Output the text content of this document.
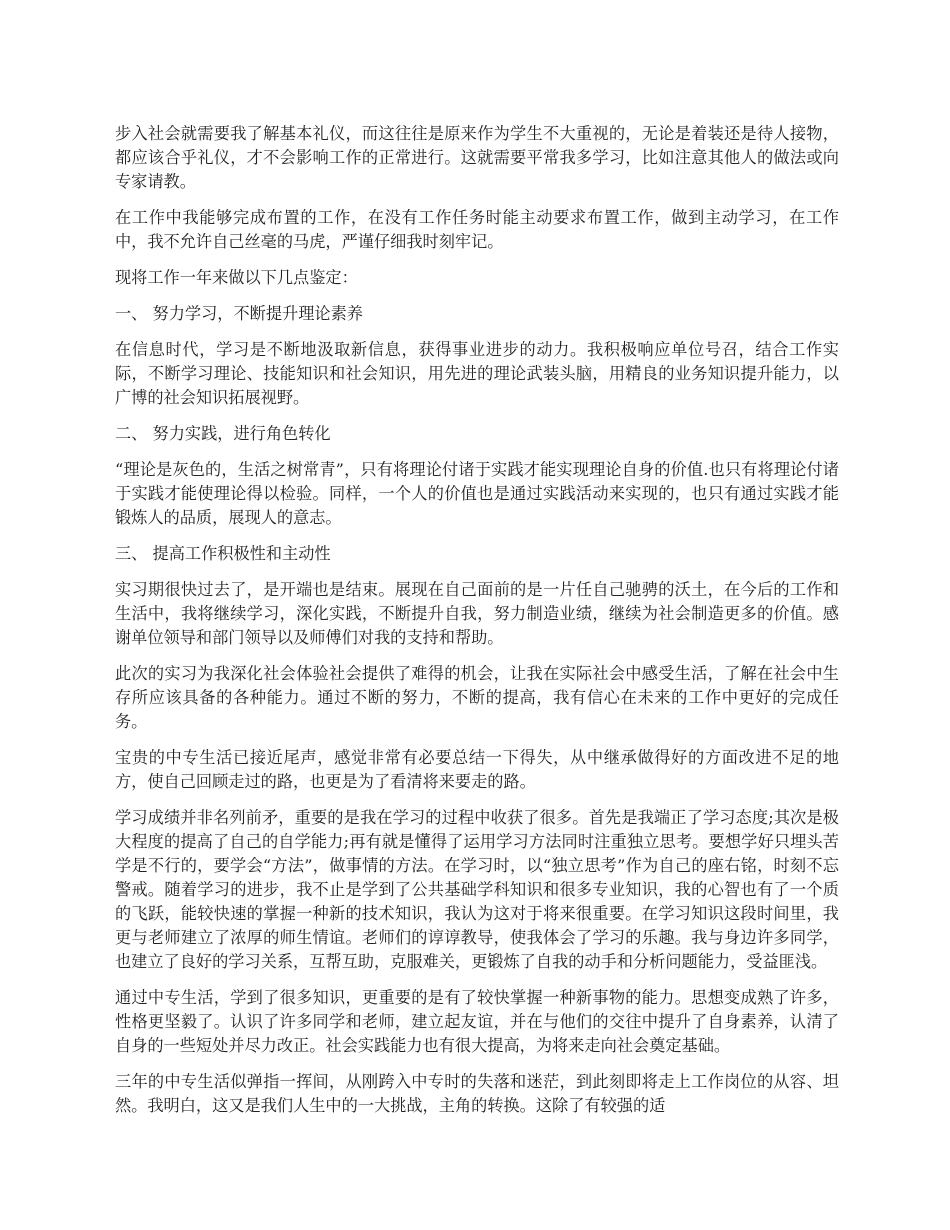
步入社会就需要我了解基本礼仪，而这往往是原来作为学生不大重视的，无论是着装还是待人接物，都应该合乎礼仪，才不会影响工作的正常进行。这就需要平常我多学习，比如注意其他人的做法或向专家请教。

在工作中我能够完成布置的工作，在没有工作任务时能主动要求布置工作，做到主动学习，在工作中，我不允许自己丝毫的马虎，严谨仔细我时刻牢记。

现将工作一年来做以下几点鉴定：

一、 努力学习，不断提升理论素养

在信息时代，学习是不断地汲取新信息，获得事业进步的动力。我积极响应单位号召，结合工作实际，不断学习理论、技能知识和社会知识，用先进的理论武装头脑，用精良的业务知识提升能力，以广博的社会知识拓展视野。

二、 努力实践，进行角色转化

“理论是灰色的，生活之树常青”，只有将理论付诸于实践才能实现理论自身的价值.也只有将理论付诸于实践才能使理论得以检验。同样，一个人的价值也是通过实践活动来实现的，也只有通过实践才能锻炼人的品质，展现人的意志。

三、 提高工作积极性和主动性

实习期很快过去了，是开端也是结束。展现在自己面前的是一片任自己驰骋的沃土，在今后的工作和生活中，我将继续学习，深化实践，不断提升自我，努力制造业绩，继续为社会制造更多的价值。感谢单位领导和部门领导以及师傅们对我的支持和帮助。

此次的实习为我深化社会体验社会提供了难得的机会，让我在实际社会中感受生活，了解在社会中生存所应该具备的各种能力。通过不断的努力，不断的提高，我有信心在未来的工作中更好的完成任务。

宝贵的中专生活已接近尾声，感觉非常有必要总结一下得失，从中继承做得好的方面改进不足的地方，使自己回顾走过的路，也更是为了看清将来要走的路。

学习成绩并非名列前矛，重要的是我在学习的过程中收获了很多。首先是我端正了学习态度;其次是极大程度的提高了自己的自学能力;再有就是懂得了运用学习方法同时注重独立思考。要想学好只埋头苦学是不行的，要学会“方法”，做事情的方法。在学习时，以“独立思考”作为自己的座右铭，时刻不忘警戒。随着学习的进步，我不止是学到了公共基础学科知识和很多专业知识，我的心智也有了一个质的飞跃，能较快速的掌握一种新的技术知识，我认为这对于将来很重要。在学习知识这段时间里，我更与老师建立了浓厚的师生情谊。老师们的谆谆教导，使我体会了学习的乐趣。我与身边许多同学，也建立了良好的学习关系，互帮互助，克服难关，更锻炼了自我的动手和分析问题能力，受益匪浅。

通过中专生活，学到了很多知识，更重要的是有了较快掌握一种新事物的能力。思想变成熟了许多，性格更坚毅了。认识了许多同学和老师，建立起友谊，并在与他们的交往中提升了自身素养，认清了自身的一些短处并尽力改正。社会实践能力也有很大提高，为将来走向社会奠定基础。

三年的中专生活似弹指一挥间，从刚跨入中专时的失落和迷茫，到此刻即将走上工作岗位的从容、坦然。我明白，这又是我们人生中的一大挑战，主角的转换。这除了有较强的适
